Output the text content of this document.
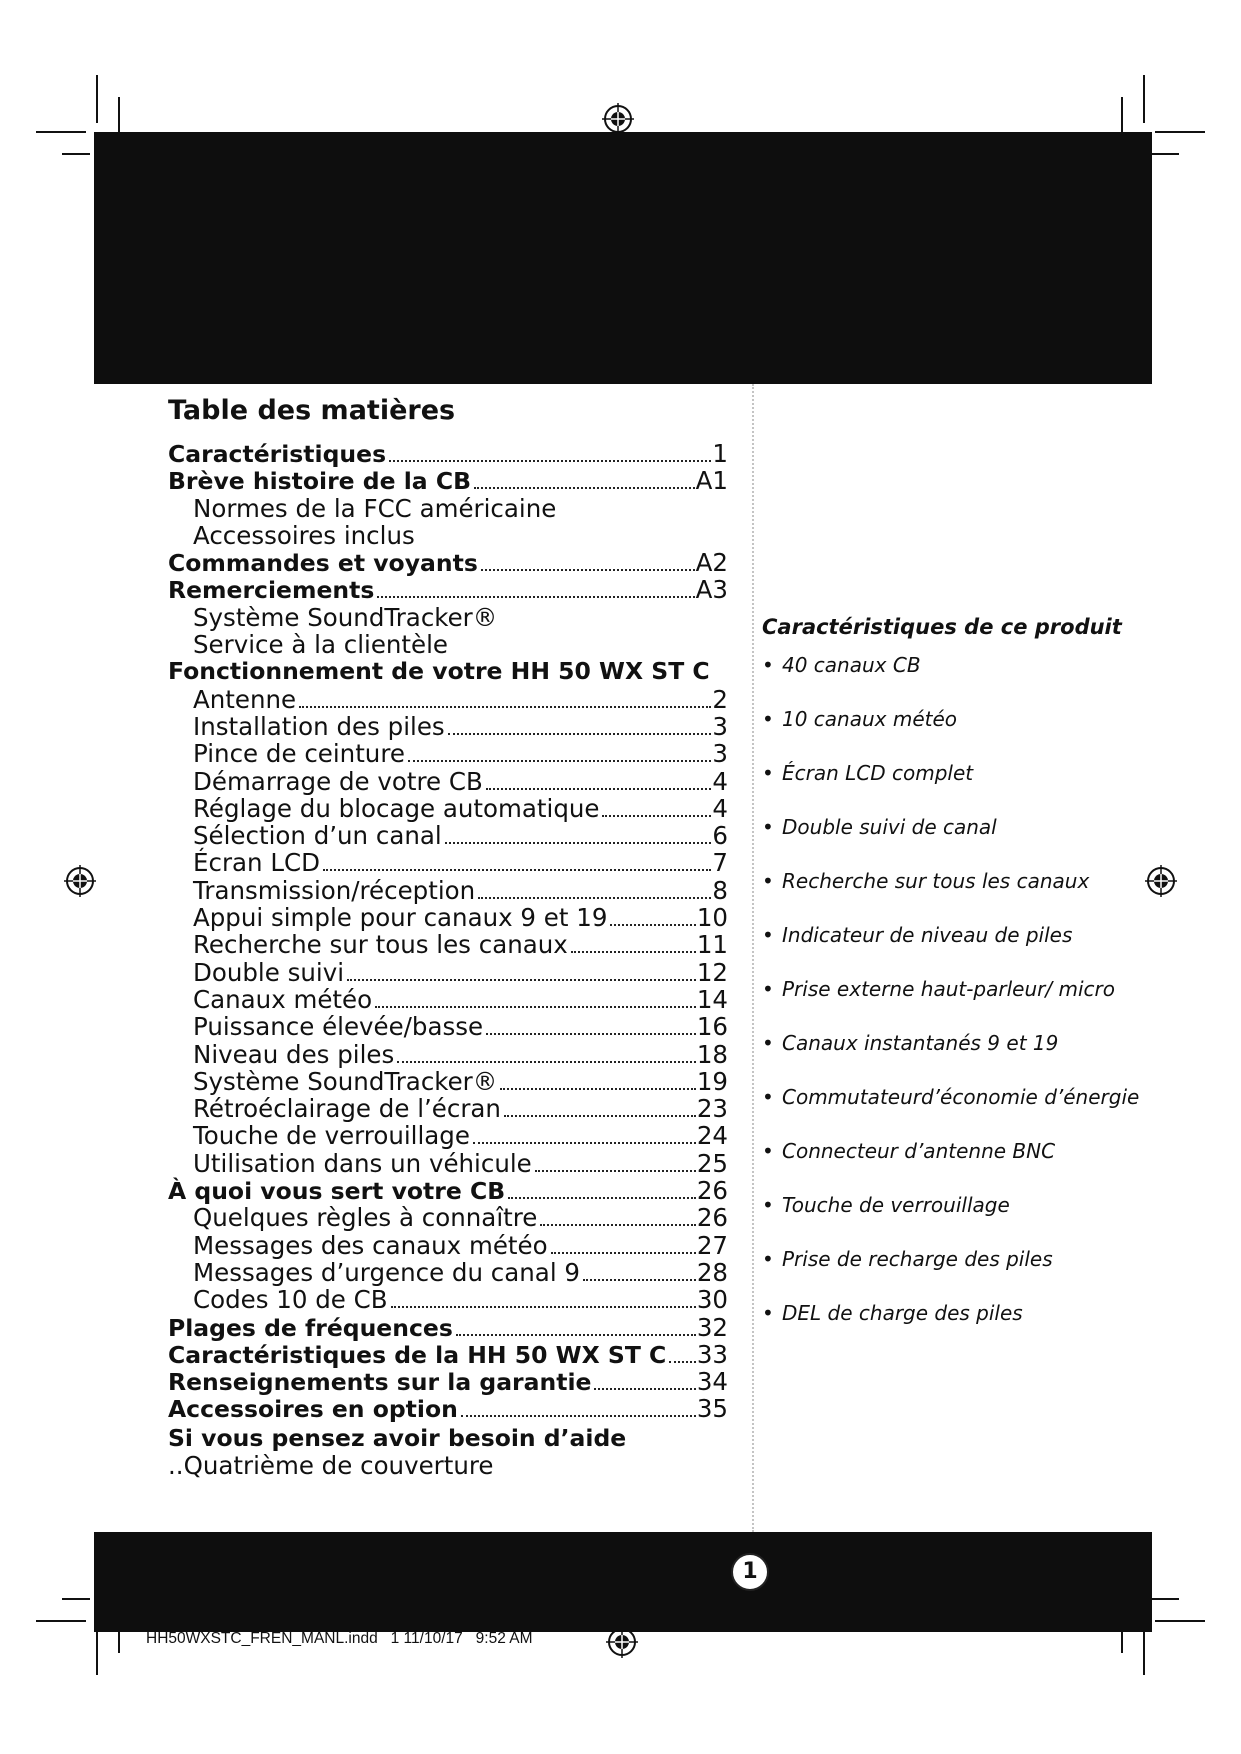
Table des matières
Caractéristiques	1
Brève histoire de la CB	A1
Normes de la FCC américaine
Accessoires inclus
Commandes et voyants	A2
Remerciements	A3
Système SoundTracker®
Service à la clientèle
Fonctionnement de votre HH 50 WX ST C
Antenne	2
Installation des piles	3
Pince de ceinture	3
Démarrage de votre CB	4
Réglage du blocage automatique	4
Sélection d’un canal	6
Écran LCD	7
Transmission/réception	8
Appui simple pour canaux 9 et 19	10
Recherche sur tous les canaux	11
Double suivi	12
Canaux météo	14
Puissance élevée/basse	16
Niveau des piles	18
Système SoundTracker®	19
Rétroéclairage de l’écran	23
Touche de verrouillage	24
Utilisation dans un véhicule	25
À quoi vous sert votre CB	26
Quelques règles à connaître	26
Messages des canaux météo	27
Messages d’urgence du canal 9	28
Codes 10 de CB	30
Plages de fréquences	32
Caractéristiques de la HH 50 WX ST C 33
Renseignements sur la garantie	34
Accessoires en option	35
Si vous pensez avoir besoin d’aide ..Quatrième de couverture
Caractéristiques de ce produit
• 40 canaux CB
• 10 canaux météo
• Écran LCD complet
• Double suivi de canal
• Recherche sur tous les canaux
• Indicateur de niveau de piles
• Prise externe haut-parleur/ micro
• Canaux instantanés 9 et 19
• Commutateurd’économie d’énergie
• Connecteur d’antenne BNC
• Touche de verrouillage
• Prise de recharge des piles
• DEL de charge des piles
1
HH50WXSTC_FREN_MANL.indd   1 11/10/17   9:52 AM
